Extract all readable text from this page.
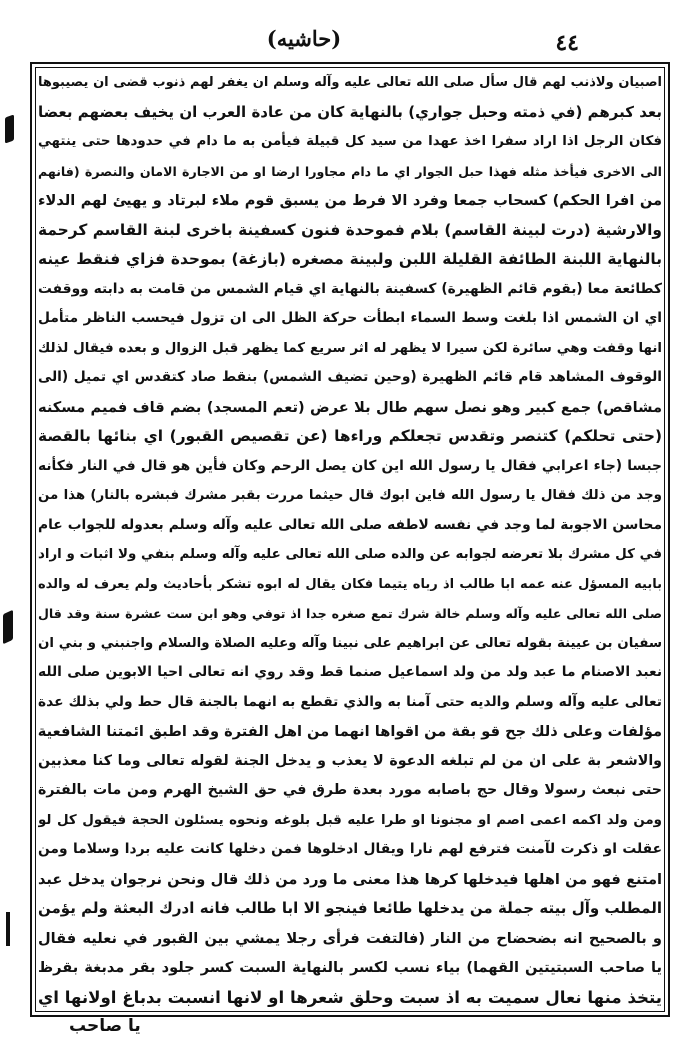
(حاشيه)	٤٤
اصبيان ولاذنب لهم قال سأل صلى الله تعالى عليه وآله وسلم ان يغفر لهم ذنوب قضى ان يصيبوها
بعد كبرهم (في ذمته وحبل جواري) بالنهاية كان من عادة العرب ان يخيف بعضهم بعضا
فكان الرجل اذا اراد سفرا اخذ عهدا من سيد كل قبيلة فيأمن به ما دام في حدودها حتى ينتهي
الى الاخرى فيأخذ مثله فهذا حبل الجوار اي ما دام مجاورا ارضا او من الاجارة الامان والنصرة (فانهم
من افرا الحكم) كسحاب جمعا وفرد الا فرط من يسبق قوم ملاء لبرتاد و يهيئ لهم الدلاء
والارشية (درت لبينة القاسم) بلام فموحدة فنون كسفينة باخرى لبنة القاسم كرحمة
بالنهاية اللبنة الطائفة القليلة اللبن ولبينة مصغره (بازغة) بموحدة فزاي فنقط عينه
كطائعة معا (بقوم قائم الظهيرة) كسفينة بالنهاية اي قيام الشمس من قامت به دابته ووقفت
اي ان الشمس اذا بلغت وسط السماء ابطأت حركة الظل الى ان تزول فيحسب الناظر متأمل
انها وقفت وهي سائرة لكن سيرا لا يظهر له اثر سريع كما يظهر قبل الزوال و بعده فيقال لذلك
الوقوف المشاهد قام قائم الظهيرة (وحين تضيف الشمس) بنقط صاد كتقدس اي تميل (الى
مشاقص) جمع كبير وهو نصل سهم طال بلا عرض (تعم المسجد) بضم قاف فميم مسكنه
(حتى تحلكم) كتنصر وتقدس تجعلكم وراءها (عن تقصيص القبور) اي بنائها بالقصة
جبسا (جاء اعرابي فقال يا رسول الله اين كان يصل الرحم وكان فأين هو قال في النار فكأنه
وجد من ذلك فقال يا رسول الله فاين ابوك قال حيثما مررت بقبر مشرك فبشره بالنار) هذا من
محاسن الاجوبة لما وجد في نفسه لاطفه صلى الله تعالى عليه وآله وسلم بعدوله للجواب عام
في كل مشرك بلا تعرضه لجوابه عن والده صلى الله تعالى عليه وآله وسلم بنفي ولا اثبات و اراد
بابيه المسؤل عنه عمه ابا طالب اذ رباه يتيما فكان يقال له ابوه تشكر بأحاديث ولم يعرف له والده
صلى الله تعالى عليه وآله وسلم خالة شرك تمع صغره جدا اذ توفي وهو ابن ست عشرة سنة وقد قال
سفيان بن عيينة بقوله تعالى عن ابراهيم على نبينا وآله وعليه الصلاة والسلام واجنبني و بني ان
نعبد الاصنام ما عبد ولد من ولد اسماعيل صنما قط وقد روي انه تعالى احيا الابوين صلى الله
تعالى عليه وآله وسلم والديه حتى آمنا به والذي تقطع به انهما بالجنة قال حط ولي بذلك عدة
مؤلفات وعلى ذلك جح قو بقة من اقواها انهما من اهل الفترة وقد اطبق ائمتنا الشافعية
والاشعر بة على ان من لم تبلغه الدعوة لا يعذب و يدخل الجنة لقوله تعالى وما كنا معذبين
حتى نبعث رسولا وقال حج باصابه مورد بعدة طرق في حق الشيخ الهرم ومن مات بالفترة
ومن ولد اكمه اعمى اصم او مجنونا او طرا عليه قبل بلوغه ونحوه يسئلون الحجة فيقول كل لو
عقلت او ذكرت لآمنت فترفع لهم نارا ويقال ادخلوها فمن دخلها كانت عليه بردا وسلاما ومن
امتنع فهو من اهلها فيدخلها كرها هذا معنى ما ورد من ذلك قال ونحن نرجوان يدخل عبد
المطلب وآل بيته جملة من يدخلها طائعا فينجو الا ابا طالب فانه ادرك البعثة ولم يؤمن
و بالصحيح انه بضحضاح من النار (فالتفت فرأى رجلا يمشي بين القبور في نعليه فقال
يا صاحب السبتيتين القهما) بياء نسب لكسر بالنهاية السبت كسر جلود بقر مدبغة بقرظ
يتخذ منها نعال سميت به اذ سبت وحلق شعرها او لانها انسبت بدباغ اولانها اي
يا صاحب
